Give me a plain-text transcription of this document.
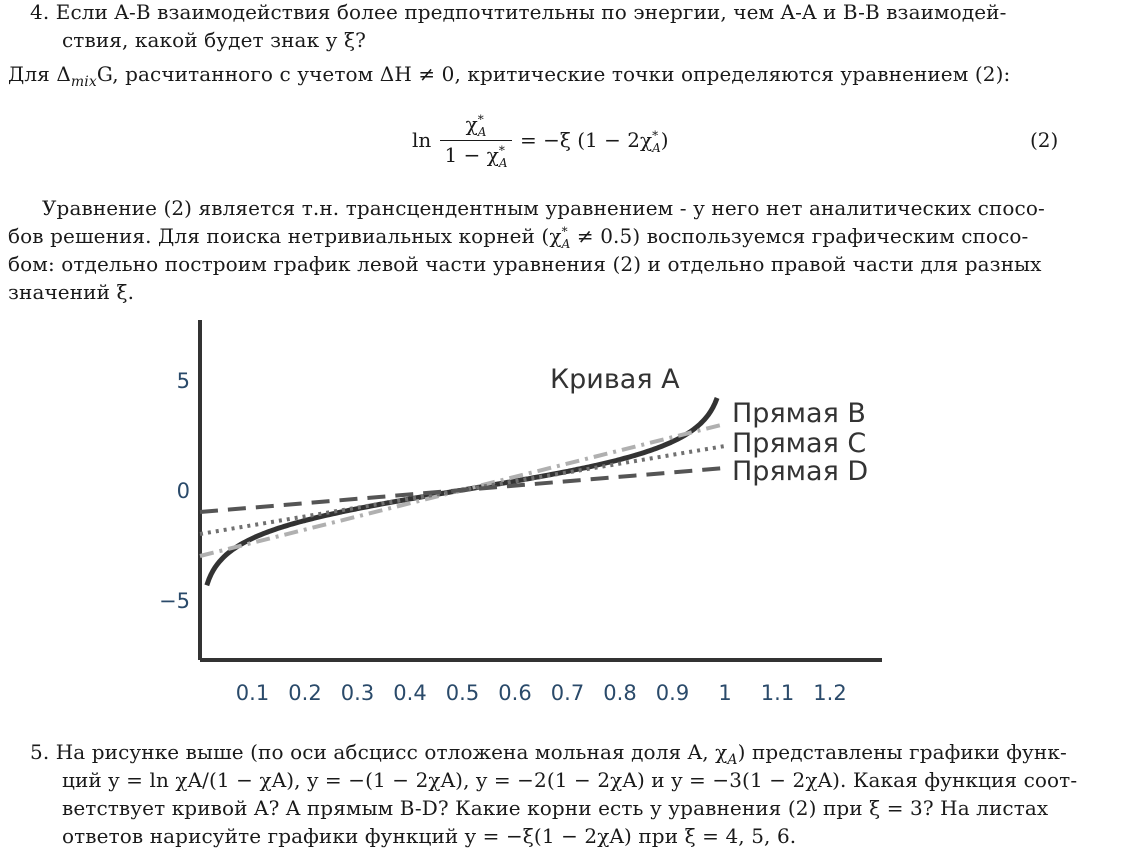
4. Если A-B взаимодействия более предпочтительны по энергии, чем A-A и B-B взаимодей-
ствия, какой будет знак у ξ?
Для $\Delta_{mix}G$, расчитанного с учетом ΔH ≠ 0, критические точки определяются уравнением (2):
ln
$\chi^*_A$
$1 - \chi^*_A$
= −ξ $(1 - 2\chi^*_A)$	(2)
Уравнение (2) является т.н. трансцендентным уравнением - у него нет аналитических спосо-
бов решения. Для поиска нетривиальных корней $(\chi^*_A \ne 0.5)$ воспользуемся графическим спосо-
бом: отдельно построим график левой части уравнения (2) и отдельно правой части для разных
значений ξ.
0.1 0.2 0.3 0.4 0.5 0.6 0.7 0.8 0.9 1 1.1 1.2
5
0
−5
Кривая A
Прямая B
Прямая C
Прямая D
5. На рисунке выше (по оси абсцисс отложена мольная доля A, $\chi_A$) представлены графики функ-
ций y = ln χA/(1 − χA), y = −(1 − 2χA), y = −2(1 − 2χA) и y = −3(1 − 2χA). Какая функция соот-
ветствует кривой A? A прямым B-D? Какие корни есть у уравнения (2) при ξ = 3? На листах
ответов нарисуйте графики функций y = −ξ(1 − 2χA) при ξ = 4, 5, 6.
